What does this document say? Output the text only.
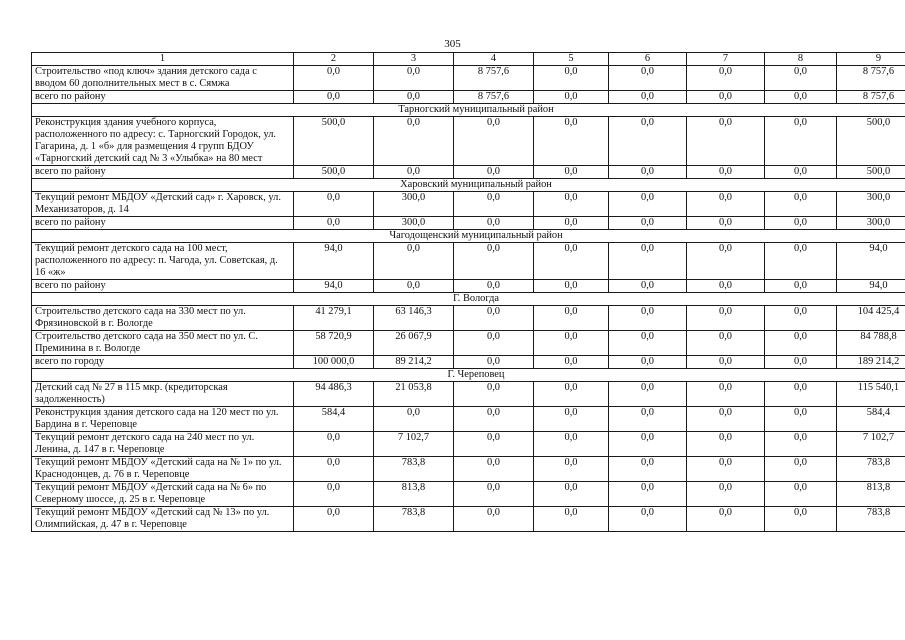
305
1	2	3	4	5	6	7	8	9
Строительство «под ключ» здания детского сада с вводом 60 дополнительных мест в с. Сямжа	0,0	0,0	8 757,6	0,0	0,0	0,0	0,0	8 757,6
всего по району	0,0	0,0	8 757,6	0,0	0,0	0,0	0,0	8 757,6
Тарногский муниципальный район								
Реконструкция здания учебного корпуса, расположенного по адресу: с. Тарногский Городок, ул. Гагарина, д. 1 «б» для размещения 4 групп БДОУ «Тарногский детский сад № 3 «Улыбка» на 80 мест	500,0	0,0	0,0	0,0	0,0	0,0	0,0	500,0
всего по району	500,0	0,0	0,0	0,0	0,0	0,0	0,0	500,0
Харовский муниципальный район								
Текущий ремонт МБДОУ «Детский сад» г. Харовск, ул. Механизаторов, д. 14	0,0	300,0	0,0	0,0	0,0	0,0	0,0	300,0
всего по району	0,0	300,0	0,0	0,0	0,0	0,0	0,0	300,0
Чагодощенский муниципальный район								
Текущий ремонт детского сада на 100 мест, расположенного по адресу: п. Чагода, ул. Советская, д. 16 «ж»	94,0	0,0	0,0	0,0	0,0	0,0	0,0	94,0
всего по району	94,0	0,0	0,0	0,0	0,0	0,0	0,0	94,0
Г. Вологда								
Строительство детского сада на 330 мест по ул. Фрязиновской в г. Вологде	41 279,1	63 146,3	0,0	0,0	0,0	0,0	0,0	104 425,4
Строительство детского сада на 350 мест по ул. С. Преминина в г. Вологде	58 720,9	26 067,9	0,0	0,0	0,0	0,0	0,0	84 788,8
всего по городу	100 000,0	89 214,2	0,0	0,0	0,0	0,0	0,0	189 214,2
Г. Череповец								
Детский сад № 27 в 115 мкр. (кредиторская задолженность)	94 486,3	21 053,8	0,0	0,0	0,0	0,0	0,0	115 540,1
Реконструкция здания детского сада на 120 мест по ул. Бардина в г. Череповце	584,4	0,0	0,0	0,0	0,0	0,0	0,0	584,4
Текущий ремонт детского сада на 240 мест по ул. Ленина, д. 147 в г. Череповце	0,0	7 102,7	0,0	0,0	0,0	0,0	0,0	7 102,7
Текущий ремонт МБДОУ «Детский сада на № 1» по ул. Краснодонцев, д. 76 в г. Череповце	0,0	783,8	0,0	0,0	0,0	0,0	0,0	783,8
Текущий ремонт МБДОУ «Детский сада на № 6» по Северному шоссе, д. 25 в г. Череповце	0,0	813,8	0,0	0,0	0,0	0,0	0,0	813,8
Текущий ремонт МБДОУ «Детский сад № 13» по ул. Олимпийская, д. 47 в г. Череповце	0,0	783,8	0,0	0,0	0,0	0,0	0,0	783,8
